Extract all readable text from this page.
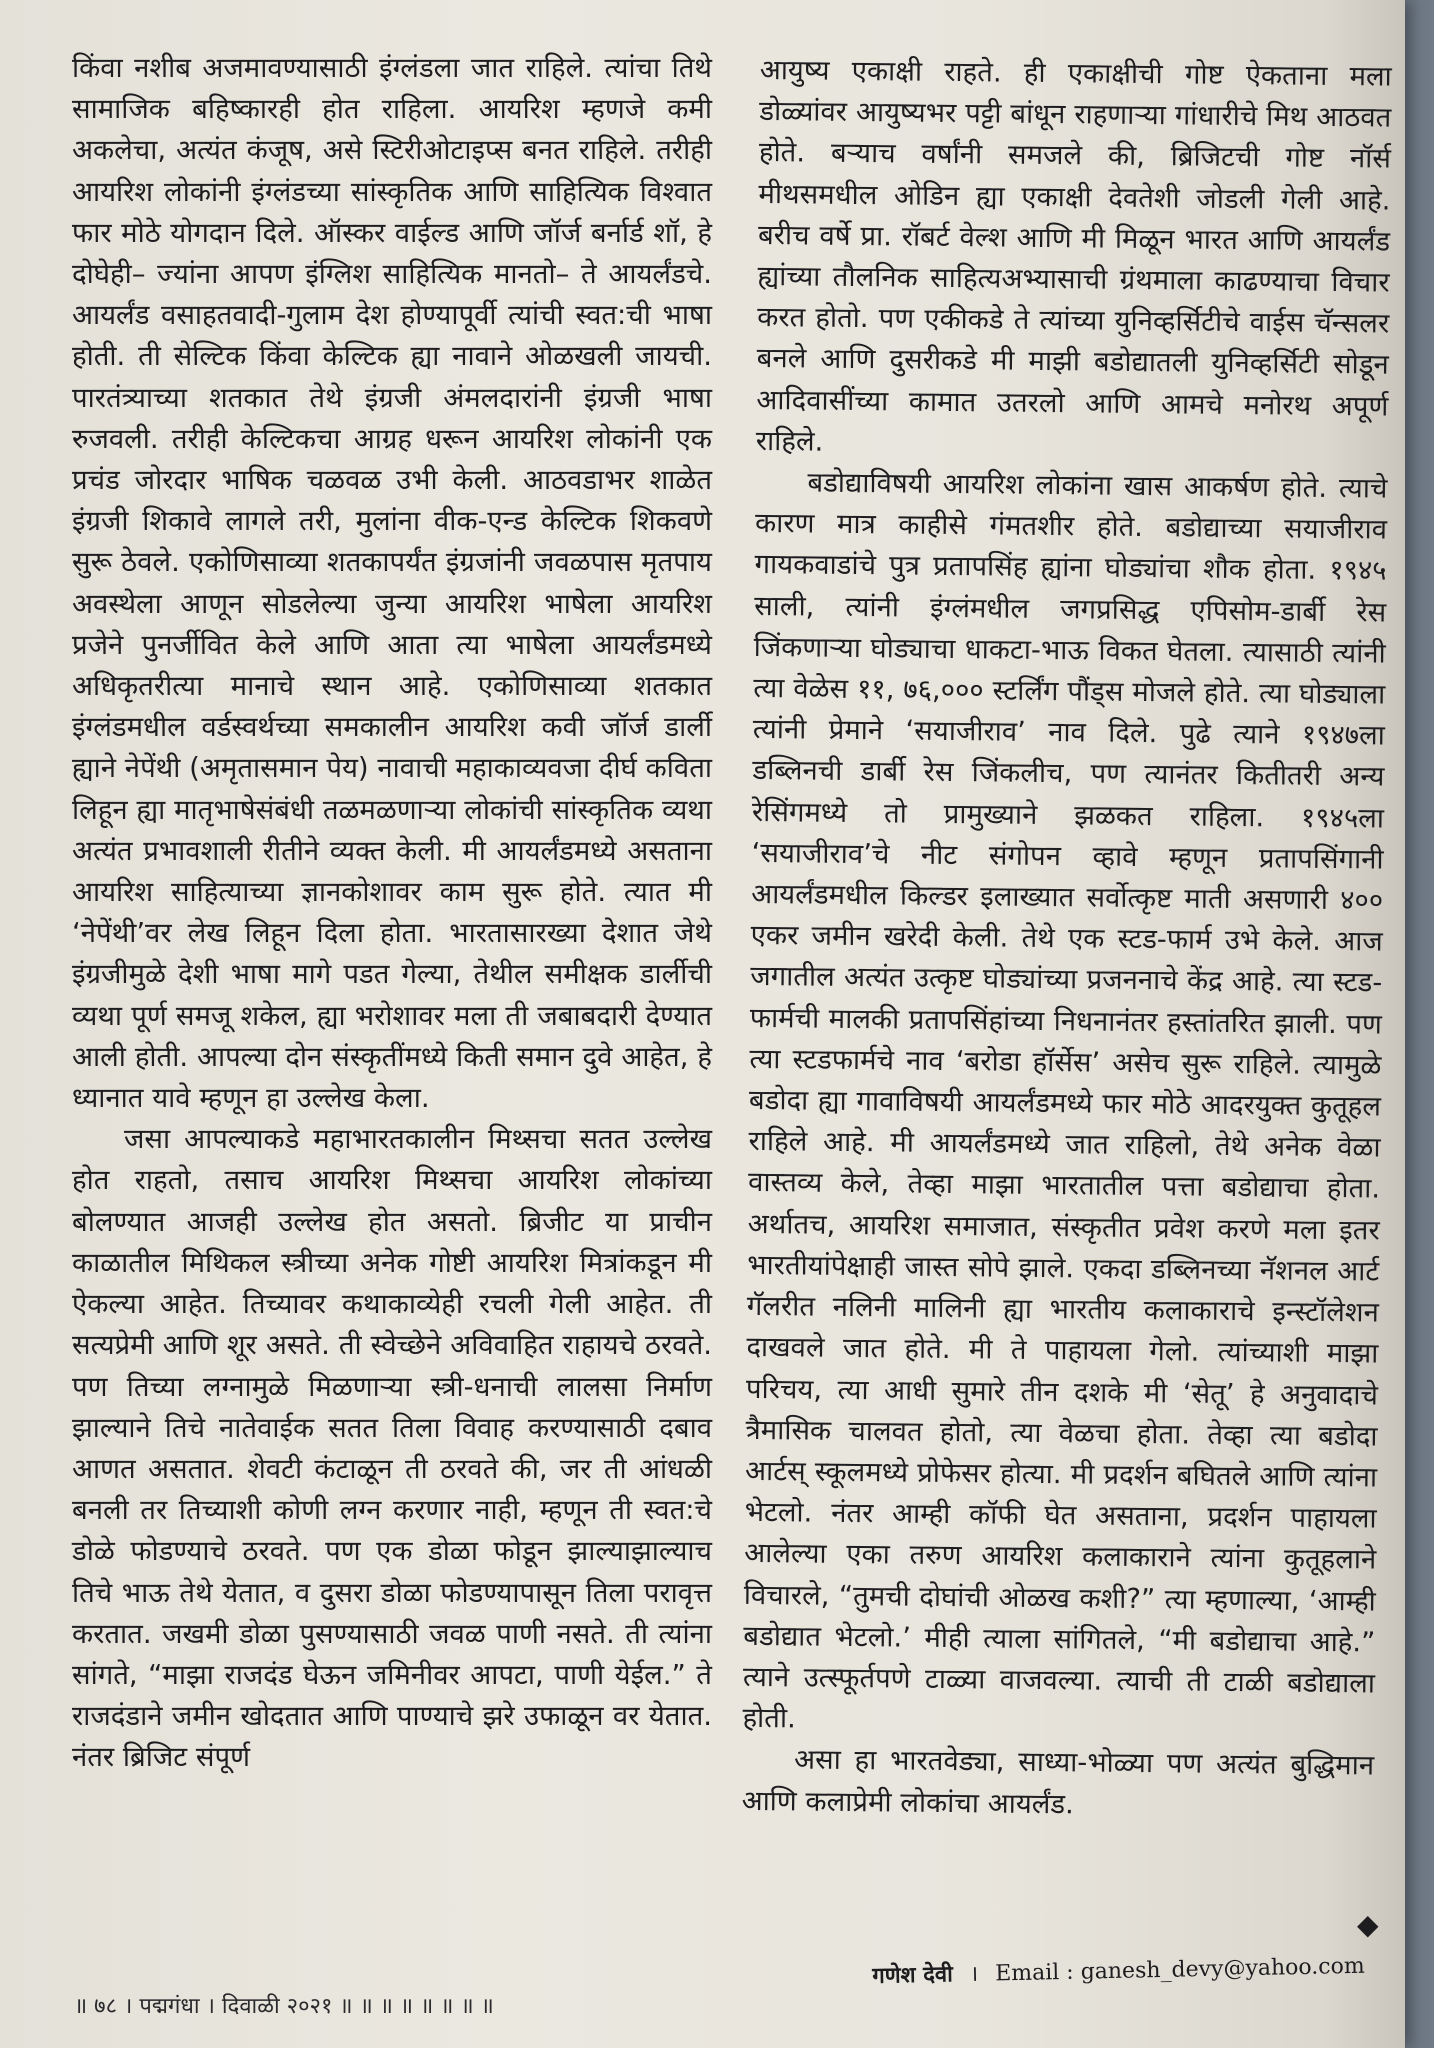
किंवा नशीब अजमावण्यासाठी इंग्लंडला जात राहिले. त्यांचा तिथे सामाजिक बहिष्कारही होत राहिला. आयरिश म्हणजे कमी अकलेचा, अत्यंत कंजूष, असे स्टिरीओटाइप्स बनत राहिले. तरीही आयरिश लोकांनी इंग्लंडच्या सांस्कृतिक आणि साहित्यिक विश्वात फार मोठे योगदान दिले. ऑस्कर वाईल्ड आणि जॉर्ज बर्नार्ड शॉ, हे दोघेही– ज्यांना आपण इंग्लिश साहित्यिक मानतो– ते आयर्लंडचे. आयर्लंड वसाहतवादी-गुलाम देश होण्यापूर्वी त्यांची स्वत:ची भाषा होती. ती सेल्टिक किंवा केल्टिक ह्या नावाने ओळखली जायची. पारतंत्र्याच्या शतकात तेथे इंग्रजी अंमलदारांनी इंग्रजी भाषा रुजवली. तरीही केल्टिकचा आग्रह धरून आयरिश लोकांनी एक प्रचंड जोरदार भाषिक चळवळ उभी केली. आठवडाभर शाळेत इंग्रजी शिकावे लागले तरी, मुलांना वीक-एन्ड केल्टिक शिकवणे सुरू ठेवले. एकोणिसाव्या शतकापर्यंत इंग्रजांनी जवळपास मृतपाय अवस्थेला आणून सोडलेल्या जुन्या आयरिश भाषेला आयरिश प्रजेने पुनर्जीवित केले आणि आता त्या भाषेला आयर्लंडमध्ये अधिकृतरीत्या मानाचे स्थान आहे. एकोणिसाव्या शतकात इंग्लंडमधील वर्डस्वर्थच्या समकालीन आयरिश कवी जॉर्ज डार्ली ह्याने नेपेंथी (अमृतासमान पेय) नावाची महाकाव्यवजा दीर्घ कविता लिहून ह्या मातृभाषेसंबंधी तळमळणाऱ्या लोकांची सांस्कृतिक व्यथा अत्यंत प्रभावशाली रीतीने व्यक्त केली. मी आयर्लंडमध्ये असताना आयरिश साहित्याच्या ज्ञानकोशावर काम सुरू होते. त्यात मी ‘नेपेंथी’वर लेख लिहून दिला होता. भारतासारख्या देशात जेथे इंग्रजीमुळे देशी भाषा मागे पडत गेल्या, तेथील समीक्षक डार्लीची व्यथा पूर्ण समजू शकेल, ह्या भरोशावर मला ती जबाबदारी देण्यात आली होती. आपल्या दोन संस्कृतींमध्ये किती समान दुवे आहेत, हे ध्यानात यावे म्हणून हा उल्लेख केला.

जसा आपल्याकडे महाभारतकालीन मिथ्सचा सतत उल्लेख होत राहतो, तसाच आयरिश मिथ्सचा आयरिश लोकांच्या बोलण्यात आजही उल्लेख होत असतो. ब्रिजीट या प्राचीन काळातील मिथिकल स्त्रीच्या अनेक गोष्टी आयरिश मित्रांकडून मी ऐकल्या आहेत. तिच्यावर कथाकाव्येही रचली गेली आहेत. ती सत्यप्रेमी आणि शूर असते. ती स्वेच्छेने अविवाहित राहायचे ठरवते. पण तिच्या लग्नामुळे मिळणाऱ्या स्त्री-धनाची लालसा निर्माण झाल्याने तिचे नातेवाईक सतत तिला विवाह करण्यासाठी दबाव आणत असतात. शेवटी कंटाळून ती ठरवते की, जर ती आंधळी बनली तर तिच्याशी कोणी लग्न करणार नाही, म्हणून ती स्वत:चे डोळे फोडण्याचे ठरवते. पण एक डोळा फोडून झाल्याझाल्याच तिचे भाऊ तेथे येतात, व दुसरा डोळा फोडण्यापासून तिला परावृत्त करतात. जखमी डोळा पुसण्यासाठी जवळ पाणी नसते. ती त्यांना सांगते, “माझा राजदंड घेऊन जमिनीवर आपटा, पाणी येईल.” ते राजदंडाने जमीन खोदतात आणि पाण्याचे झरे उफाळून वर येतात. नंतर ब्रिजिट संपूर्ण

आयुष्य एकाक्षी राहते. ही एकाक्षीची गोष्ट ऐकताना मला डोळ्यांवर आयुष्यभर पट्टी बांधून राहणाऱ्या गांधारीचे मिथ आठवत होते. बऱ्याच वर्षांनी समजले की, ब्रिजिटची गोष्ट नॉर्स मीथसमधील ओडिन ह्या एकाक्षी देवतेशी जोडली गेली आहे. बरीच वर्षे प्रा. रॉबर्ट वेल्श आणि मी मिळून भारत आणि आयर्लंड ह्यांच्या तौलनिक साहित्यअभ्यासाची ग्रंथमाला काढण्याचा विचार करत होतो. पण एकीकडे ते त्यांच्या युनिव्हर्सिटीचे वाईस चॅन्सलर बनले आणि दुसरीकडे मी माझी बडोद्यातली युनिव्हर्सिटी सोडून आदिवासींच्या कामात उतरलो आणि आमचे मनोरथ अपूर्ण राहिले.

बडोद्याविषयी आयरिश लोकांना खास आकर्षण होते. त्याचे कारण मात्र काहीसे गंमतशीर होते. बडोद्याच्या सयाजीराव गायकवाडांचे पुत्र प्रतापसिंह ह्यांना घोड्यांचा शौक होता. १९४५ साली, त्यांनी इंग्लंमधील जगप्रसिद्ध एपिसोम-डार्बी रेस जिंकणाऱ्या घोड्याचा धाकटा-भाऊ विकत घेतला. त्यासाठी त्यांनी त्या वेळेस ११, ७६,००० स्टर्लिंग पौंड्स मोजले होते. त्या घोड्याला त्यांनी प्रेमाने ‘सयाजीराव’ नाव दिले. पुढे त्याने १९४७ला डब्लिनची डार्बी रेस जिंकलीच, पण त्यानंतर कितीतरी अन्य रेसिंगमध्ये तो प्रामुख्याने झळकत राहिला. १९४५ला ‘सयाजीराव’चे नीट संगोपन व्हावे म्हणून प्रतापसिंगानी आयर्लंडमधील किल्डर इलाख्यात सर्वोत्कृष्ट माती असणारी ४०० एकर जमीन खरेदी केली. तेथे एक स्टड-फार्म उभे केले. आज जगातील अत्यंत उत्कृष्ट घोड्यांच्या प्रजननाचे केंद्र आहे. त्या स्टड-फार्मची मालकी प्रतापसिंहांच्या निधनानंतर हस्तांतरित झाली. पण त्या स्टडफार्मचे नाव ‘बरोडा हॉर्सेस’ असेच सुरू राहिले. त्यामुळे बडोदा ह्या गावाविषयी आयर्लंडमध्ये फार मोठे आदरयुक्त कुतूहल राहिले आहे. मी आयर्लंडमध्ये जात राहिलो, तेथे अनेक वेळा वास्तव्य केले, तेव्हा माझा भारतातील पत्ता बडोद्याचा होता. अर्थातच, आयरिश समाजात, संस्कृतीत प्रवेश करणे मला इतर भारतीयांपेक्षाही जास्त सोपे झाले. एकदा डब्लिनच्या नॅशनल आर्ट गॅलरीत नलिनी मालिनी ह्या भारतीय कलाकाराचे इन्स्टॉलेशन दाखवले जात होते. मी ते पाहायला गेलो. त्यांच्याशी माझा परिचय, त्या आधी सुमारे तीन दशके मी ‘सेतू’ हे अनुवादाचे त्रैमासिक चालवत होतो, त्या वेळचा होता. तेव्हा त्या बडोदा आर्टस् स्कूलमध्ये प्रोफेसर होत्या. मी प्रदर्शन बघितले आणि त्यांना भेटलो. नंतर आम्ही कॉफी घेत असताना, प्रदर्शन पाहायला आलेल्या एका तरुण आयरिश कलाकाराने त्यांना कुतूहलाने विचारले, “तुमची दोघांची ओळख कशी?” त्या म्हणाल्या, ‘आम्ही बडोद्यात भेटलो.’ मीही त्याला सांगितले, “मी बडोद्याचा आहे.” त्याने उत्स्फूर्तपणे टाळ्या वाजवल्या. त्याची ती टाळी बडोद्याला होती.

असा हा भारतवेड्या, साध्या-भोळ्या पण अत्यंत बुद्धिमान आणि कलाप्रेमी लोकांचा आयर्लंड.

◆
गणेश देवी । Email : ganesh_devy@yahoo.com
॥ ७८ । पद्मगंधा । दिवाळी २०२१ ॥ ॥ ॥ ॥ ॥ ॥ ॥ ॥
